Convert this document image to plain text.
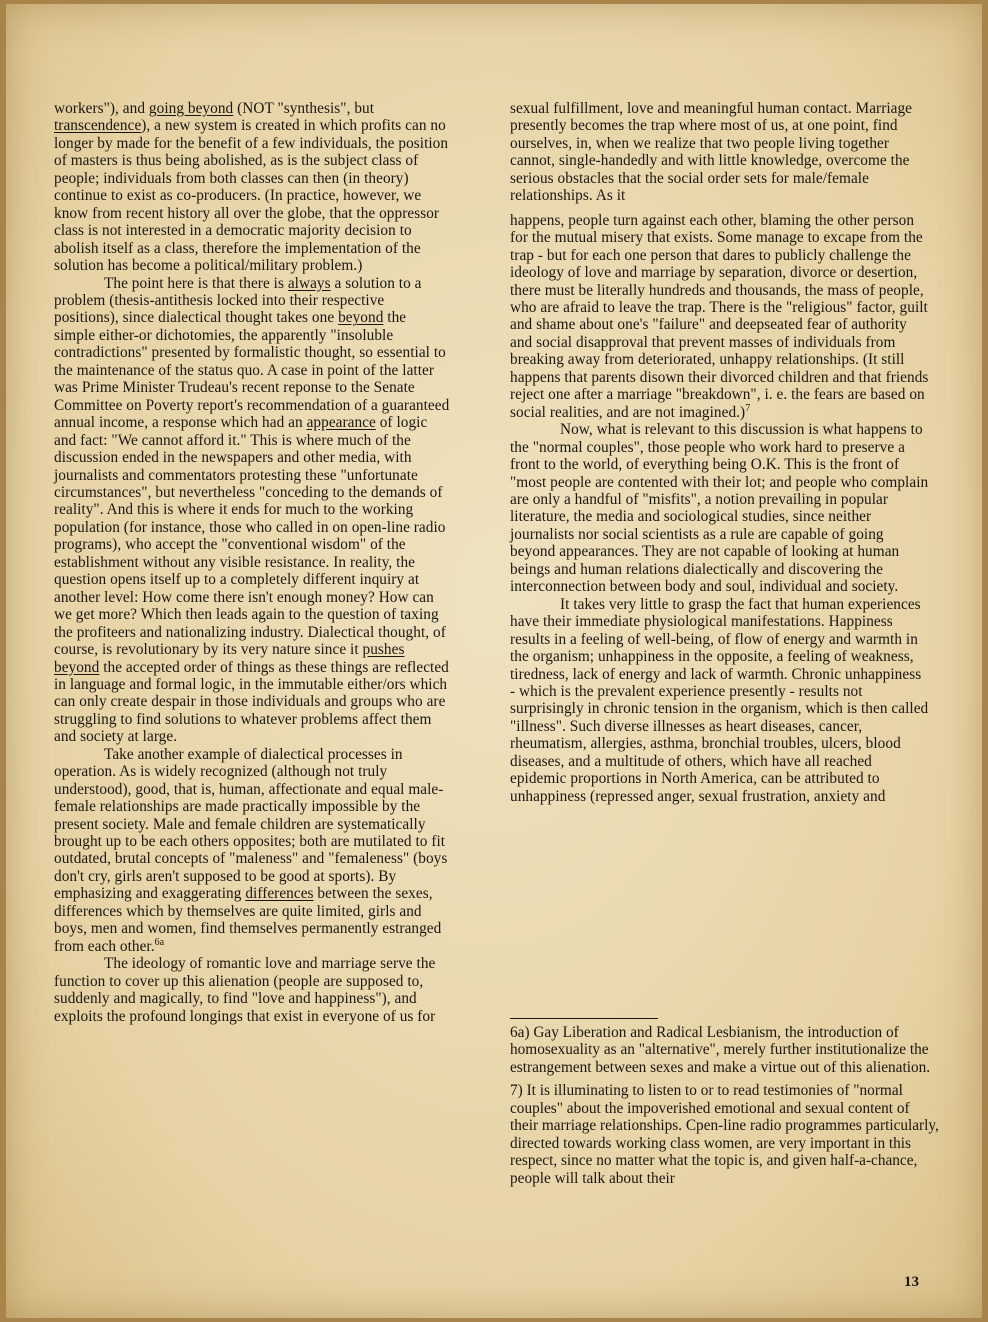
workers"), and going beyond (NOT "synthesis", but transcendence), a new system is created in which profits can no longer by made for the benefit of a few individuals, the position of masters is thus being abolished, as is the subject class of people; individuals from both classes can then (in theory) continue to exist as co-producers. (In practice, however, we know from recent history all over the globe, that the oppressor class is not interested in a democratic majority decision to abolish itself as a class, therefore the implementation of the solution has become a political/military problem.)

The point here is that there is always a solution to a problem (thesis-antithesis locked into their respective positions), since dialectical thought takes one beyond the simple either-or dichotomies, the apparently "insoluble contradictions" presented by formalistic thought, so essential to the maintenance of the status quo. A case in point of the latter was Prime Minister Trudeau's recent reponse to the Senate Committee on Poverty report's recommendation of a guaranteed annual income, a response which had an appearance of logic and fact: "We cannot afford it." This is where much of the discussion ended in the newspapers and other media, with journalists and commentators protesting these "unfortunate circumstances", but nevertheless "conceding to the demands of reality". And this is where it ends for much to the working population (for instance, those who called in on open-line radio programs), who accept the "conventional wisdom" of the establishment without any visible resistance. In reality, the question opens itself up to a completely different inquiry at another level: How come there isn't enough money? How can we get more? Which then leads again to the question of taxing the profiteers and nationalizing industry. Dialectical thought, of course, is revolutionary by its very nature since it pushes beyond the accepted order of things as these things are reflected in language and formal logic, in the immutable either/ors which can only create despair in those individuals and groups who are struggling to find solutions to whatever problems affect them and society at large.

Take another example of dialectical processes in operation. As is widely recognized (although not truly understood), good, that is, human, affectionate and equal male-female relationships are made practically impossible by the present society. Male and female children are systematically brought up to be each others opposites; both are mutilated to fit outdated, brutal concepts of "maleness" and "femaleness" (boys don't cry, girls aren't supposed to be good at sports). By emphasizing and exaggerating differences between the sexes, differences which by themselves are quite limited, girls and boys, men and women, find themselves permanently estranged from each other.$^{6a}$

The ideology of romantic love and marriage serve the function to cover up this alienation (people are supposed to, suddenly and magically, to find "love and happiness"), and exploits the profound longings that exist in everyone of us for

sexual fulfillment, love and meaningful human contact. Marriage presently becomes the trap where most of us, at one point, find ourselves, in, when we realize that two people living together cannot, single-handedly and with little knowledge, overcome the serious obstacles that the social order sets for male/female relationships. As it

happens, people turn against each other, blaming the other person for the mutual misery that exists. Some manage to excape from the trap - but for each one person that dares to publicly challenge the ideology of love and marriage by separation, divorce or desertion, there must be literally hundreds and thousands, the mass of people, who are afraid to leave the trap. There is the "religious" factor, guilt and shame about one's "failure" and deepseated fear of authority and social disapproval that prevent masses of individuals from breaking away from deteriorated, unhappy relationships. (It still happens that parents disown their divorced children and that friends reject one after a marriage "breakdown", i. e. the fears are based on social realities, and are not imagined.)$^7$

Now, what is relevant to this discussion is what happens to the "normal couples", those people who work hard to preserve a front to the world, of everything being O.K. This is the front of "most people are contented with their lot; and people who complain are only a handful of "misfits", a notion prevailing in popular literature, the media and sociological studies, since neither journalists nor social scientists as a rule are capable of going beyond appearances. They are not capable of looking at human beings and human relations dialectically and discovering the interconnection between body and soul, individual and society.

It takes very little to grasp the fact that human experiences have their immediate physiological manifestations. Happiness results in a feeling of well-being, of flow of energy and warmth in the organism; unhappiness in the opposite, a feeling of weakness, tiredness, lack of energy and lack of warmth. Chronic unhappiness - which is the prevalent experience presently - results not surprisingly in chronic tension in the organism, which is then called "illness". Such diverse illnesses as heart diseases, cancer, rheumatism, allergies, asthma, bronchial troubles, ulcers, blood diseases, and a multitude of others, which have all reached epidemic proportions in North America, can be attributed to unhappiness (repressed anger, sexual frustration, anxiety and

6a) Gay Liberation and Radical Lesbianism, the introduction of homosexuality as an "alternative", merely further institutionalize the estrangement between sexes and make a virtue out of this alienation.

7) It is illuminating to listen to or to read testimonies of "normal couples" about the impoverished emotional and sexual content of their marriage relationships. Cpen-line radio programmes particularly, directed towards working class women, are very important in this respect, since no matter what the topic is, and given half-a-chance, people will talk about their

13
